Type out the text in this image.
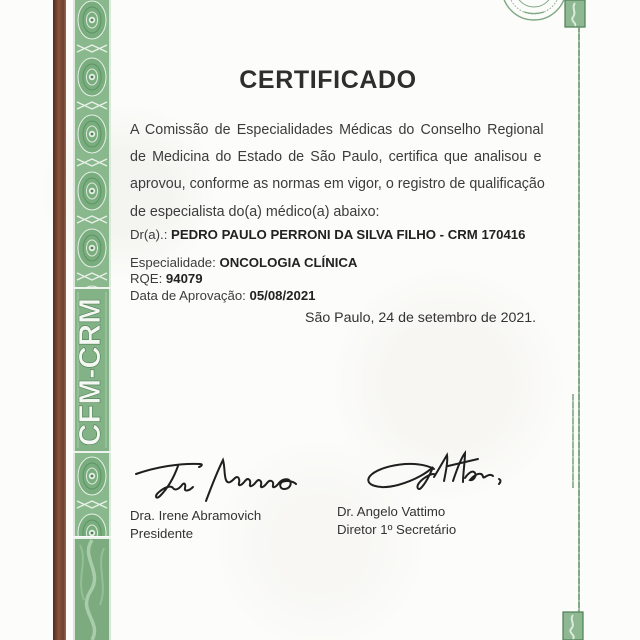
CFM-CRM
CERTIFICADO
A Comissão de Especialidades Médicas do Conselho Regional
de Medicina do Estado de São Paulo, certifica que analisou e
aprovou, conforme as normas em vigor, o registro de qualificação
de especialista do(a) médico(a) abaixo:
Dr(a).: PEDRO PAULO PERRONI DA SILVA FILHO - CRM 170416
Especialidade: ONCOLOGIA CLÍNICA
RQE: 94079
Data de Aprovação: 05/08/2021
São Paulo, 24 de setembro de 2021.
Dra. Irene Abramovich
Presidente
Dr. Angelo Vattimo
Diretor 1º Secretário
